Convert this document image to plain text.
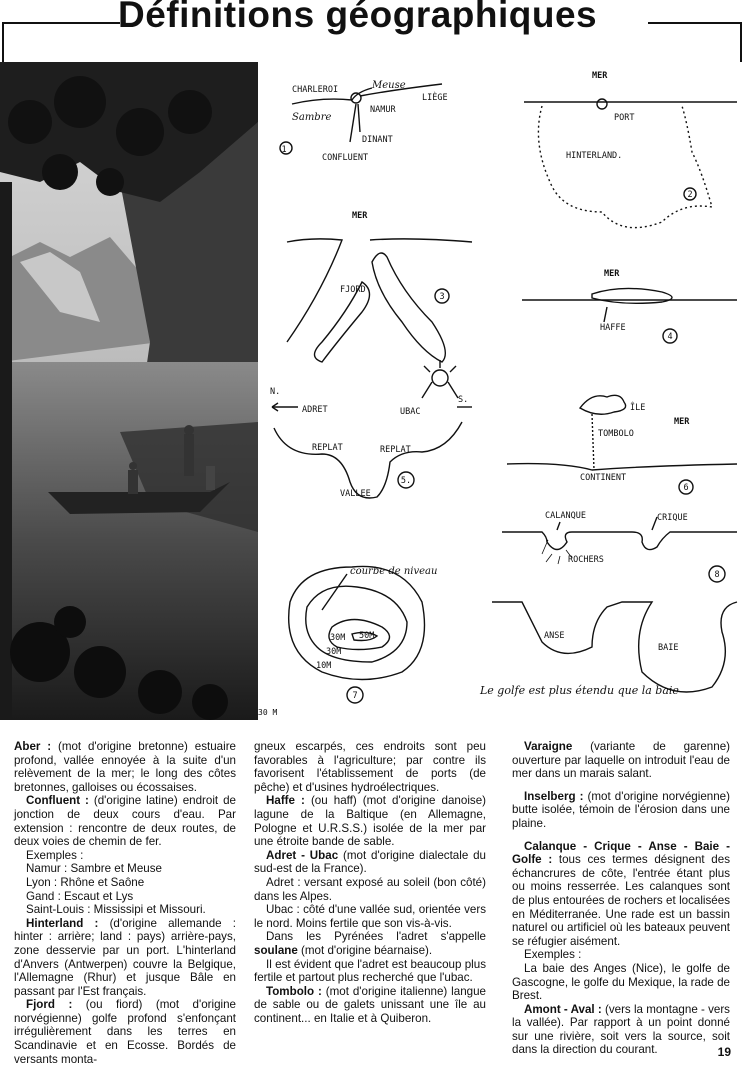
Définitions géographiques
30 M
CHARLEROI	Meuse
LIÈGE
NAMUR
Sambre
DINANT
CONFLUENT
1
MER
PORT
HINTERLAND.
2
MER
FJORD
3
MER
HAFFE
4
N.
S.
ADRET	UBAC
REPLAT	REPLAT
VALLEE
5.
ÎLE
MER
TOMBOLO
CONTINENT
6
courbe de niveau
50M
30M
30M
10M
7
CALANQUE	CRIQUE
ROCHERS
8
ANSE
BAIE
Le golfe est plus étendu que la baie

Aber : (mot d'origine bretonne) estuaire profond, vallée ennoyée à la suite d'un relèvement de la mer; le long des côtes bretonnes, galloises ou écossaises.

Confluent : (d'origine latine) endroit de jonction de deux cours d'eau. Par extension : rencontre de deux routes, de deux voies de chemin de fer.

Exemples :

Namur : Sambre et Meuse

Lyon : Rhône et Saône

Gand : Escaut et Lys

Saint-Louis : Mississipi et Missouri.

Hinterland : (d'origine allemande : hinter : arrière; land : pays) arrière-pays, zone desservie par un port. L'hinterland d'Anvers (Antwerpen) couvre la Belgique, l'Allemagne (Rhur) et jusque Bâle en passant par l'Est français.

Fjord : (ou fiord) (mot d'origine norvégienne) golfe profond s'enfonçant irrégulièrement dans les terres en Scandinavie et en Ecosse. Bordés de versants monta-

gneux escarpés, ces endroits sont peu favorables à l'agriculture; par contre ils favorisent l'établissement de ports (de pêche) et d'usines hydroélectriques.

Haffe : (ou haff) (mot d'origine danoise) lagune de la Baltique (en Allemagne, Pologne et U.R.S.S.) isolée de la mer par une étroite bande de sable.

Adret - Ubac (mot d'origine dialectale du sud-est de la France).

Adret : versant exposé au soleil (bon côté) dans les Alpes.

Ubac : côté d'une vallée sud, orientée vers le nord. Moins fertile que son vis-à-vis.

Dans les Pyrénées l'adret s'appelle soulane (mot d'origine béarnaise).

Il est évident que l'adret est beaucoup plus fertile et partout plus recherché que l'ubac.

Tombolo : (mot d'origine italienne) langue de sable ou de galets unissant une île au continent... en Italie et à Quiberon.

Varaigne (variante de garenne) ouverture par laquelle on introduit l'eau de mer dans un marais salant.

Inselberg : (mot d'origine norvégienne) butte isolée, témoin de l'érosion dans une plaine.

Calanque - Crique - Anse - Baie - Golfe : tous ces termes désignent des échancrures de côte, l'entrée étant plus ou moins resserrée. Les calanques sont de plus entourées de rochers et localisées en Méditerranée. Une rade est un bassin naturel ou artificiel où les bateaux peuvent se réfugier aisément.

Exemples :

La baie des Anges (Nice), le golfe de Gascogne, le golfe du Mexique, la rade de Brest.

Amont - Aval : (vers la montagne - vers la vallée). Par rapport à un point donné sur une rivière, soit vers la source, soit dans la direction du courant.	19
